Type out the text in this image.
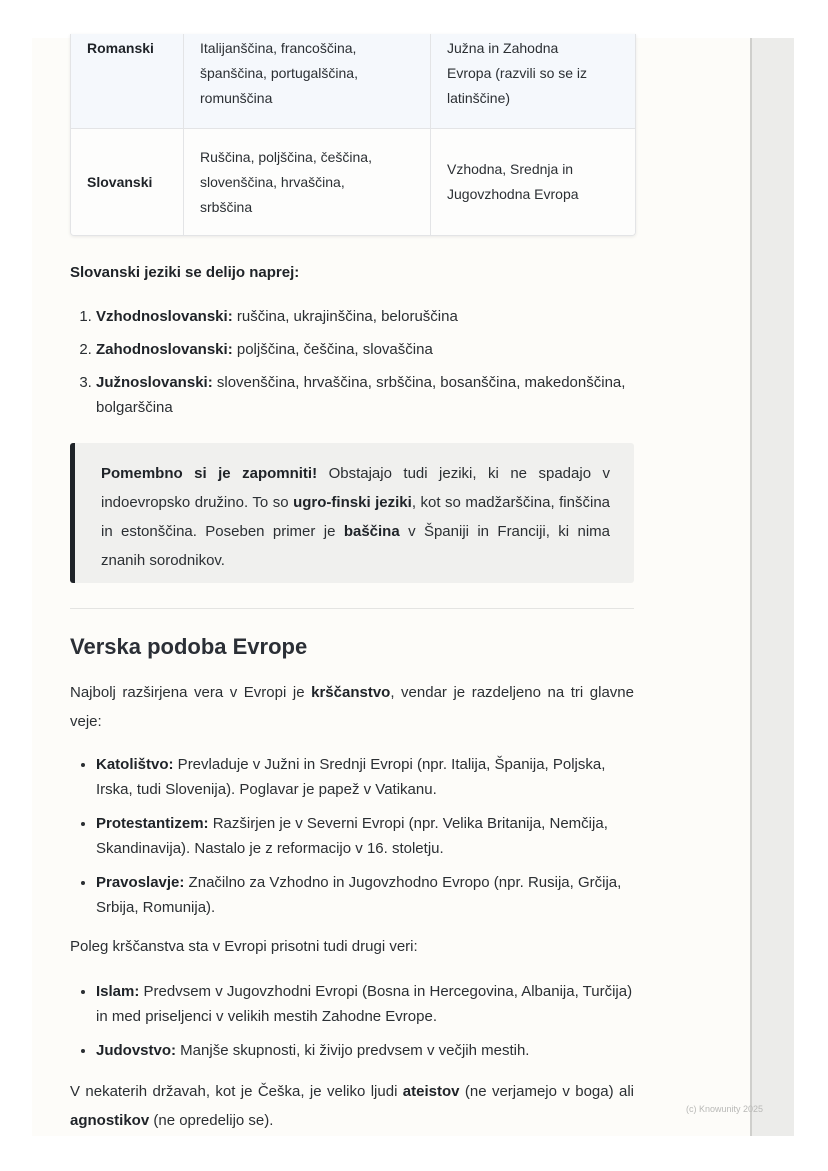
Romanski	Italijanščina, francoščina,
španščina, portugalščina,
romunščina
Južna in Zahodna
Evropa (razvili so se iz
latinščine)
Slovanski
Ruščina, poljščina, češčina,
slovenščina, hrvaščina,
srbščina
Vzhodna, Srednja in
Jugovzhodna Evropa
Slovanski jeziki se delijo naprej:
1. Vzhodnoslovanski: ruščina, ukrajinščina, beloruščina
2. Zahodnoslovanski: poljščina, češčina, slovaščina
3. Južnoslovanski: slovenščina, hrvaščina, srbščina, bosanščina, makedonščina, bolgarščina
Pomembno si je zapomniti! Obstajajo tudi jeziki, ki ne spadajo v indoevropsko družino. To so ugro-finski jeziki, kot so madžarščina, finščina in estonščina. Poseben primer je baščina v Španiji in Franciji, ki nima znanih sorodnikov.
Verska podoba Evrope

Najbolj razširjena vera v Evropi je krščanstvo, vendar je razdeljeno na tri glavne veje:

• Katolištvo: Prevladuje v Južni in Srednji Evropi (npr. Italija, Španija, Poljska, Irska, tudi Slovenija). Poglavar je papež v Vatikanu.
• Protestantizem: Razširjen je v Severni Evropi (npr. Velika Britanija, Nemčija, Skandinavija). Nastalo je z reformacijo v 16. stoletju.
• Pravoslavje: Značilno za Vzhodno in Jugovzhodno Evropo (npr. Rusija, Grčija, Srbija, Romunija).

Poleg krščanstva sta v Evropi prisotni tudi drugi veri:

• Islam: Predvsem v Jugovzhodni Evropi (Bosna in Hercegovina, Albanija, Turčija) in med priseljenci v velikih mestih Zahodne Evrope.
• Judovstvo: Manjše skupnosti, ki živijo predvsem v večjih mestih.

V nekaterih državah, kot je Češka, je veliko ljudi ateistov (ne verjamejo v boga) ali agnostikov (ne opredelijo se).

(c) Knowunity 2025
